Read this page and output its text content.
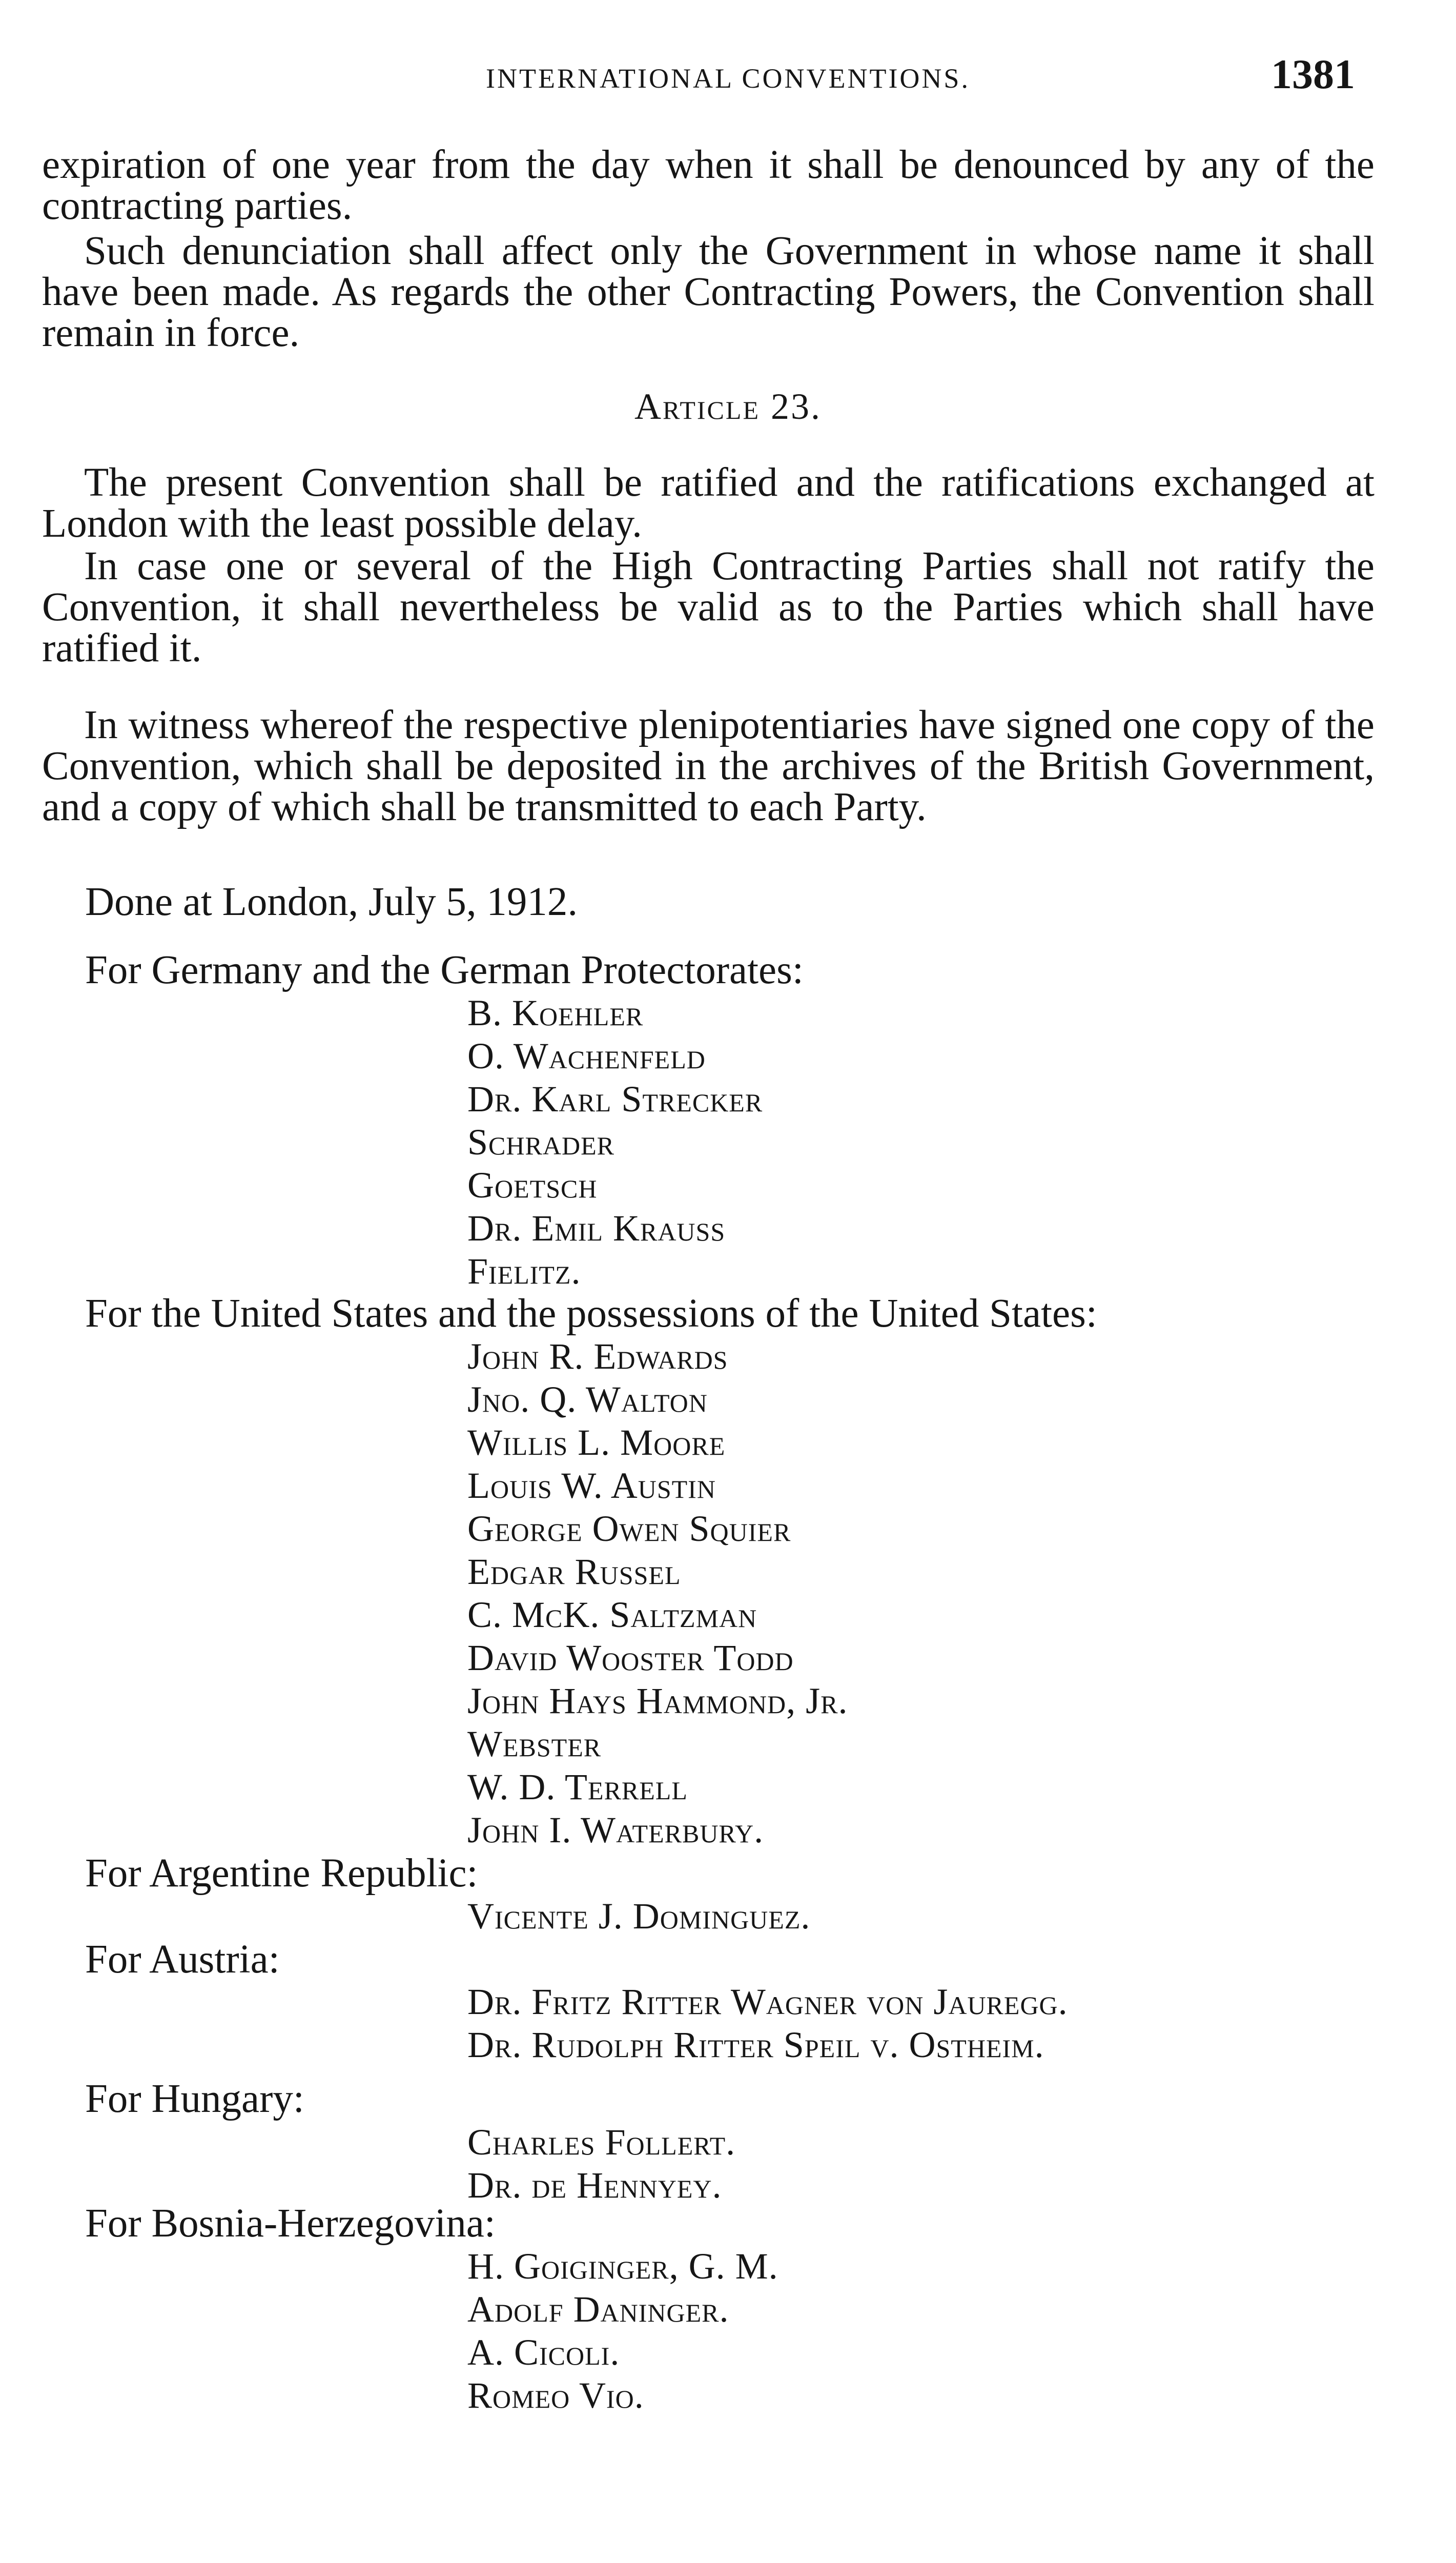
INTERNATIONAL CONVENTIONS.	1381
expiration of one year from the day when it shall be denounced by any of the contracting parties.
Such denunciation shall affect only the Government in whose name it shall have been made. As regards the other Contracting Powers, the Convention shall remain in force.
Article 23.
The present Convention shall be ratified and the ratifications exchanged at London with the least possible delay.
In case one or several of the High Contracting Parties shall not ratify the Convention, it shall nevertheless be valid as to the Parties which shall have ratified it.
In witness whereof the respective plenipotentiaries have signed one copy of the Convention, which shall be deposited in the archives of the British Government, and a copy of which shall be transmitted to each Party.
Done at London, July 5, 1912.
For Germany and the German Protectorates:
B. Koehler
O. Wachenfeld
Dr. Karl Strecker
Schrader
Goetsch
Dr. Emil Krauss
Fielitz.
For the United States and the possessions of the United States:
John R. Edwards
Jno. Q. Walton
Willis L. Moore
Louis W. Austin
George Owen Squier
Edgar Russel
C. McK. Saltzman
David Wooster Todd
John Hays Hammond, Jr.
Webster
W. D. Terrell
John I. Waterbury.
For Argentine Republic:
Vicente J. Dominguez.
For Austria:
Dr. Fritz Ritter Wagner von Jauregg.
Dr. Rudolph Ritter Speil v. Ostheim.
For Hungary:
Charles Follert.
Dr. de Hennyey.
For Bosnia-Herzegovina:
H. Goiginger, G. M.
Adolf Daninger.
A. Cicoli.
Romeo Vio.
